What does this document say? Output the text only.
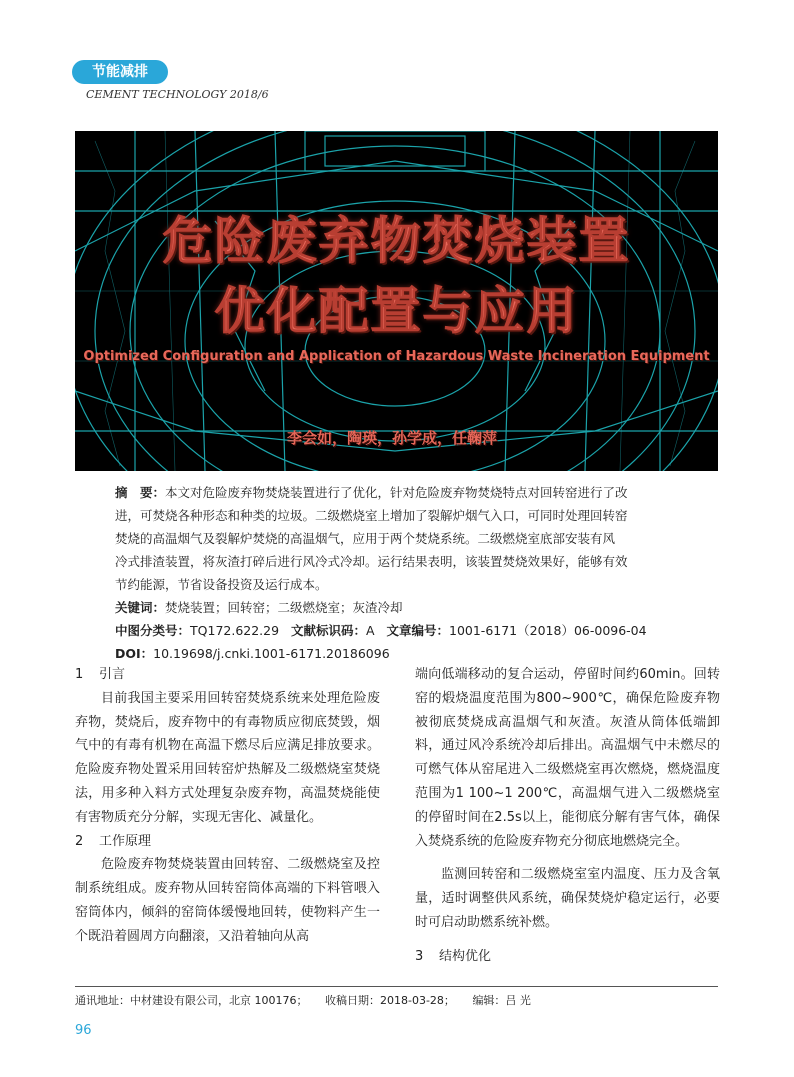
节能减排
CEMENT TECHNOLOGY 2018/6
危险废弃物焚烧装置
优化配置与应用
Optimized Configuration and Application of Hazardous Waste Incineration Equipment
李会如，陶瑛，孙学成，任鞠萍
摘　要：本文对危险废弃物焚烧装置进行了优化，针对危险废弃物焚烧特点对回转窑进行了改
进，可焚烧各种形态和种类的垃圾。二级燃烧室上增加了裂解炉烟气入口，可同时处理回转窑
焚烧的高温烟气及裂解炉焚烧的高温烟气，应用于两个焚烧系统。二级燃烧室底部安装有风
冷式排渣装置，将灰渣打碎后进行风冷式冷却。运行结果表明，该装置焚烧效果好，能够有效
节约能源，节省设备投资及运行成本。
关键词：焚烧装置；回转窑；二级燃烧室；灰渣冷却
中图分类号：TQ172.622.29 文献标识码：A 文章编号：1001-6171（2018）06-0096-04
DOI：10.19698/j.cnki.1001-6171.20186096
1 引言

目前我国主要采用回转窑焚烧系统来处理危险废弃物，焚烧后，废弃物中的有毒物质应彻底焚毁，烟气中的有毒有机物在高温下燃尽后应满足排放要求。危险废弃物处置采用回转窑炉热解及二级燃烧室焚烧法，用多种入料方式处理复杂废弃物，高温焚烧能使有害物质充分分解，实现无害化、减量化。

2 工作原理

危险废弃物焚烧装置由回转窑、二级燃烧室及控制系统组成。废弃物从回转窑筒体高端的下料管喂入窑筒体内，倾斜的窑筒体缓慢地回转，使物料产生一个既沿着圆周方向翻滚，又沿着轴向从高

端向低端移动的复合运动，停留时间约60min。回转窑的煅烧温度范围为800~900℃，确保危险废弃物被彻底焚烧成高温烟气和灰渣。灰渣从筒体低端卸料，通过风冷系统冷却后排出。高温烟气中未燃尽的可燃气体从窑尾进入二级燃烧室再次燃烧，燃烧温度范围为1 100~1 200℃，高温烟气进入二级燃烧室的停留时间在2.5s以上，能彻底分解有害气体，确保入焚烧系统的危险废弃物充分彻底地燃烧完全。

监测回转窑和二级燃烧室室内温度、压力及含氧量，适时调整供风系统，确保焚烧炉稳定运行，必要时可启动助燃系统补燃。

3 结构优化
通讯地址：中材建设有限公司，北京 100176； 收稿日期：2018-03-28； 编辑：吕 光
96
